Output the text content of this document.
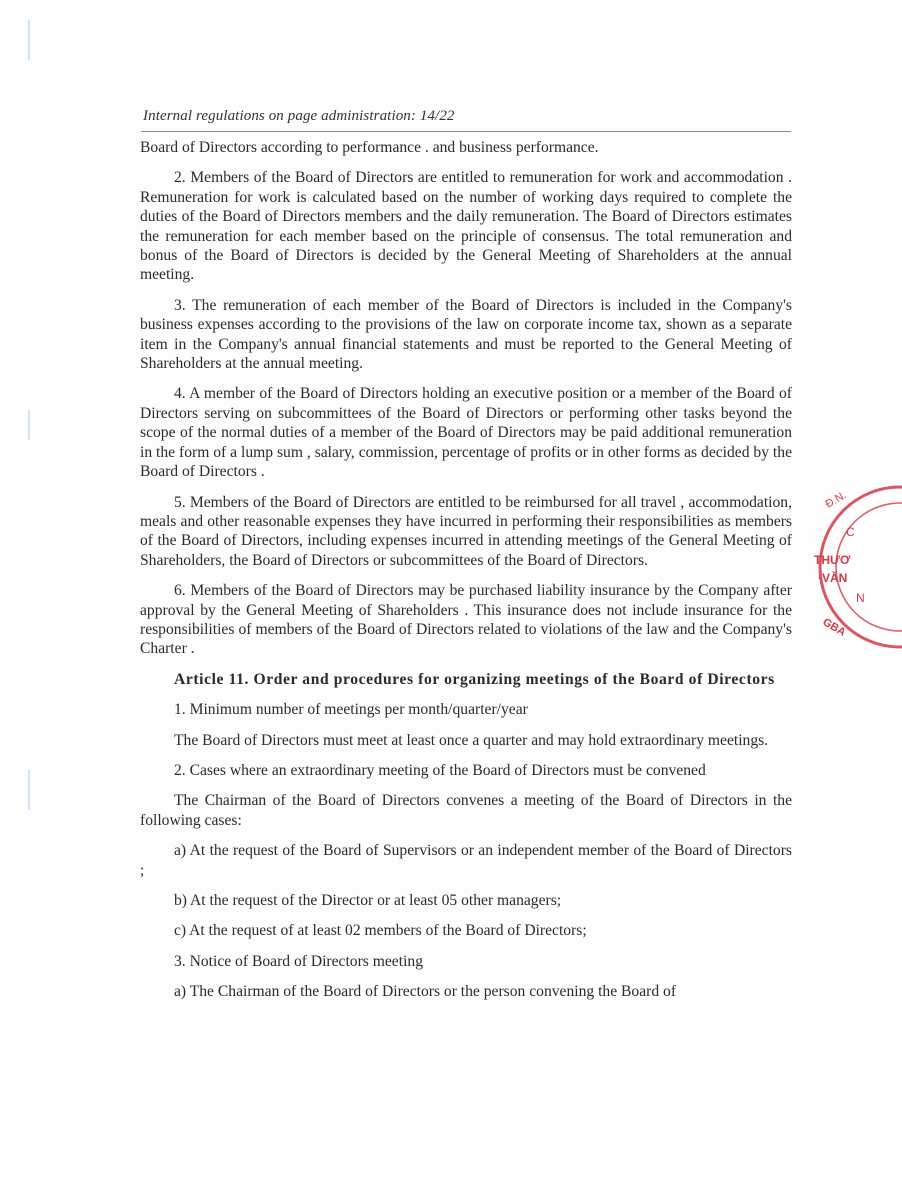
Internal regulations on page administration: 14/22

Board of Directors according to performance . and business performance.

2. Members of the Board of Directors are entitled to remuneration for work and accommodation . Remuneration for work is calculated based on the number of working days required to complete the duties of the Board of Directors members and the daily remuneration. The Board of Directors estimates the remuneration for each member based on the principle of consensus. The total remuneration and bonus of the Board of Directors is decided by the General Meeting of Shareholders at the annual meeting.

3. The remuneration of each member of the Board of Directors is included in the Company's business expenses according to the provisions of the law on corporate income tax, shown as a separate item in the Company's annual financial statements and must be reported to the General Meeting of Shareholders at the annual meeting.

4. A member of the Board of Directors holding an executive position or a member of the Board of Directors serving on subcommittees of the Board of Directors or performing other tasks beyond the scope of the normal duties of a member of the Board of Directors may be paid additional remuneration in the form of a lump sum , salary, commission, percentage of profits or in other forms as decided by the Board of Directors .

5. Members of the Board of Directors are entitled to be reimbursed for all travel , accommodation, meals and other reasonable expenses they have incurred in performing their responsibilities as members of the Board of Directors, including expenses incurred in attending meetings of the General Meeting of Shareholders, the Board of Directors or subcommittees of the Board of Directors.

6. Members of the Board of Directors may be purchased liability insurance by the Company after approval by the General Meeting of Shareholders . This insurance does not include insurance for the responsibilities of members of the Board of Directors related to violations of the law and the Company's Charter .

Article 11. Order and procedures for organizing meetings of the Board of Directors

1. Minimum number of meetings per month/quarter/year

The Board of Directors must meet at least once a quarter and may hold extraordinary meetings.

2. Cases where an extraordinary meeting of the Board of Directors must be convened

The Chairman of the Board of Directors convenes a meeting of the Board of Directors in the following cases:

a) At the request of the Board of Supervisors or an independent member of the Board of Directors ;

b) At the request of the Director or at least 05 other managers;

c) At the request of at least 02 members of the Board of Directors;

3. Notice of Board of Directors meeting

a) The Chairman of the Board of Directors or the person convening the Board of

Đ.N.
C
THƯƠ
·VĂN
N
GBA
